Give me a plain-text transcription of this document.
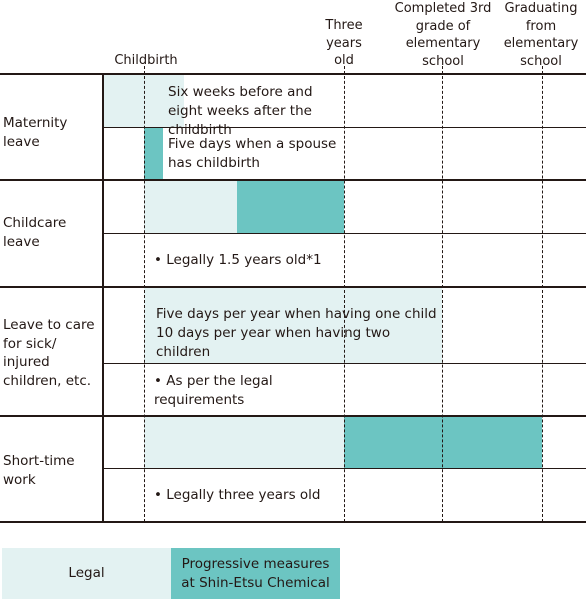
Childbirth
Three years old
Completed 3rd grade of elementary school
Graduating from elementary school
Maternity leave
Childcare leave
Leave to care for sick/ injured children, etc.
Short-time work
Six weeks before and eight weeks after the childbirth
Five days when a spouse has childbirth
• Legally 1.5 years old*1
Five days per year when having one child 10 days per year when having two children
• As per the legal requirements
• Legally three years old
Legal
Progressive measures at Shin-Etsu Chemical
